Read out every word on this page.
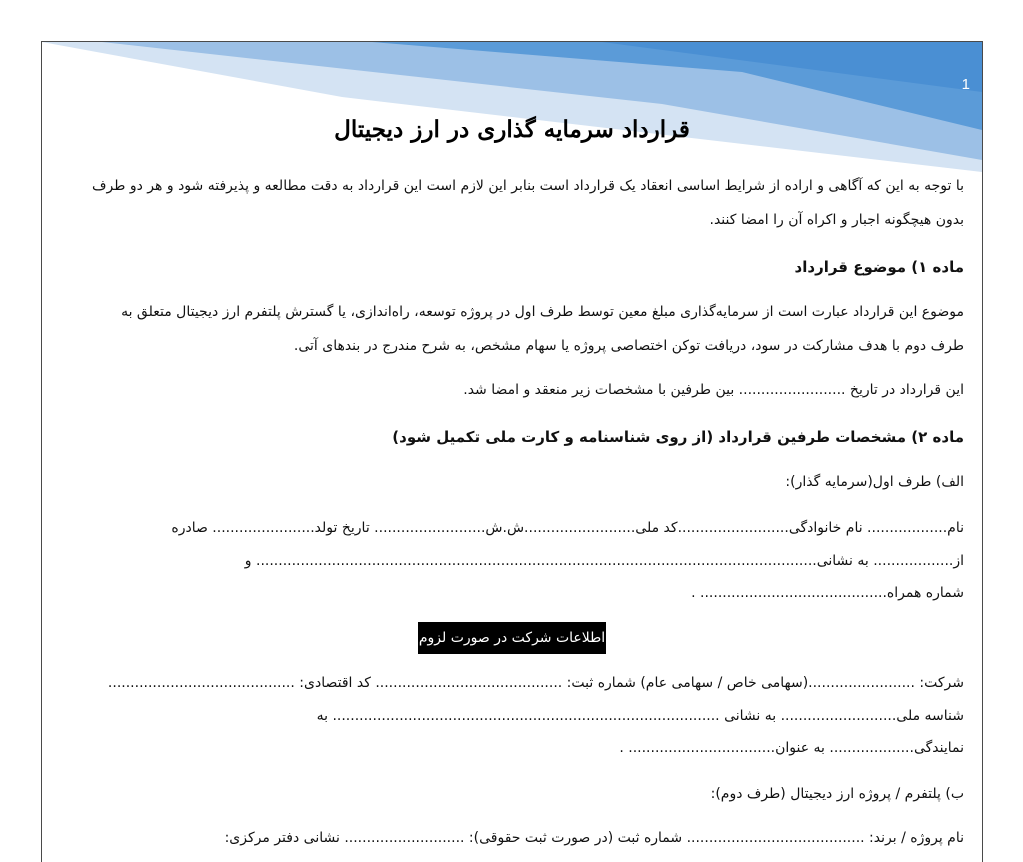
1
قرارداد سرمایه گذاری در ارز دیجیتال
با توجه به این که آگاهی و اراده از شرایط اساسی انعقاد یک قرارداد است بنابر این لازم است این قرارداد به دقت مطالعه و پذیرفته شود و هر دو طرف
بدون هیچگونه اجبار و اکراه آن را امضا کنند.
ماده ۱) موضوع قرارداد
موضوع این قرارداد عبارت است از سرمایه‌گذاری مبلغ معین توسط طرف اول در پروژه توسعه، راه‌اندازی، یا گسترش پلتفرم ارز دیجیتال متعلق به
طرف دوم با هدف مشارکت در سود، دریافت توکن اختصاصی پروژه یا سهام مشخص، به شرح مندرج در بندهای آتی.
این قرارداد در تاریخ ........................ بین طرفین با مشخصات زیر منعقد و امضا شد.
ماده ۲) مشخصات طرفین قرارداد (از روی شناسنامه و کارت ملی تکمیل شود)
الف) طرف اول(سرمایه گذار):
نام.................. نام خانوادگی.........................کد ملی.........................ش.ش......................... تاریخ تولد....................... صادره
از.................. به نشانی.............................................................................................................................. و
شماره همراه.......................................... .
اطلاعات شرکت در صورت لزوم
شرکت: ........................(سهامی خاص / سهامی عام) شماره ثبت: .......................................... کد اقتصادی: ..........................................
شناسه ملی.......................... به نشانی ....................................................................................... به
نمایندگی................... به عنوان................................. .
ب) پلتفرم / پروژه ارز دیجیتال (طرف دوم):
نام پروژه / برند: ........................................ شماره ثبت (در صورت ثبت حقوقی): ........................... نشانی دفتر مرکزی:
